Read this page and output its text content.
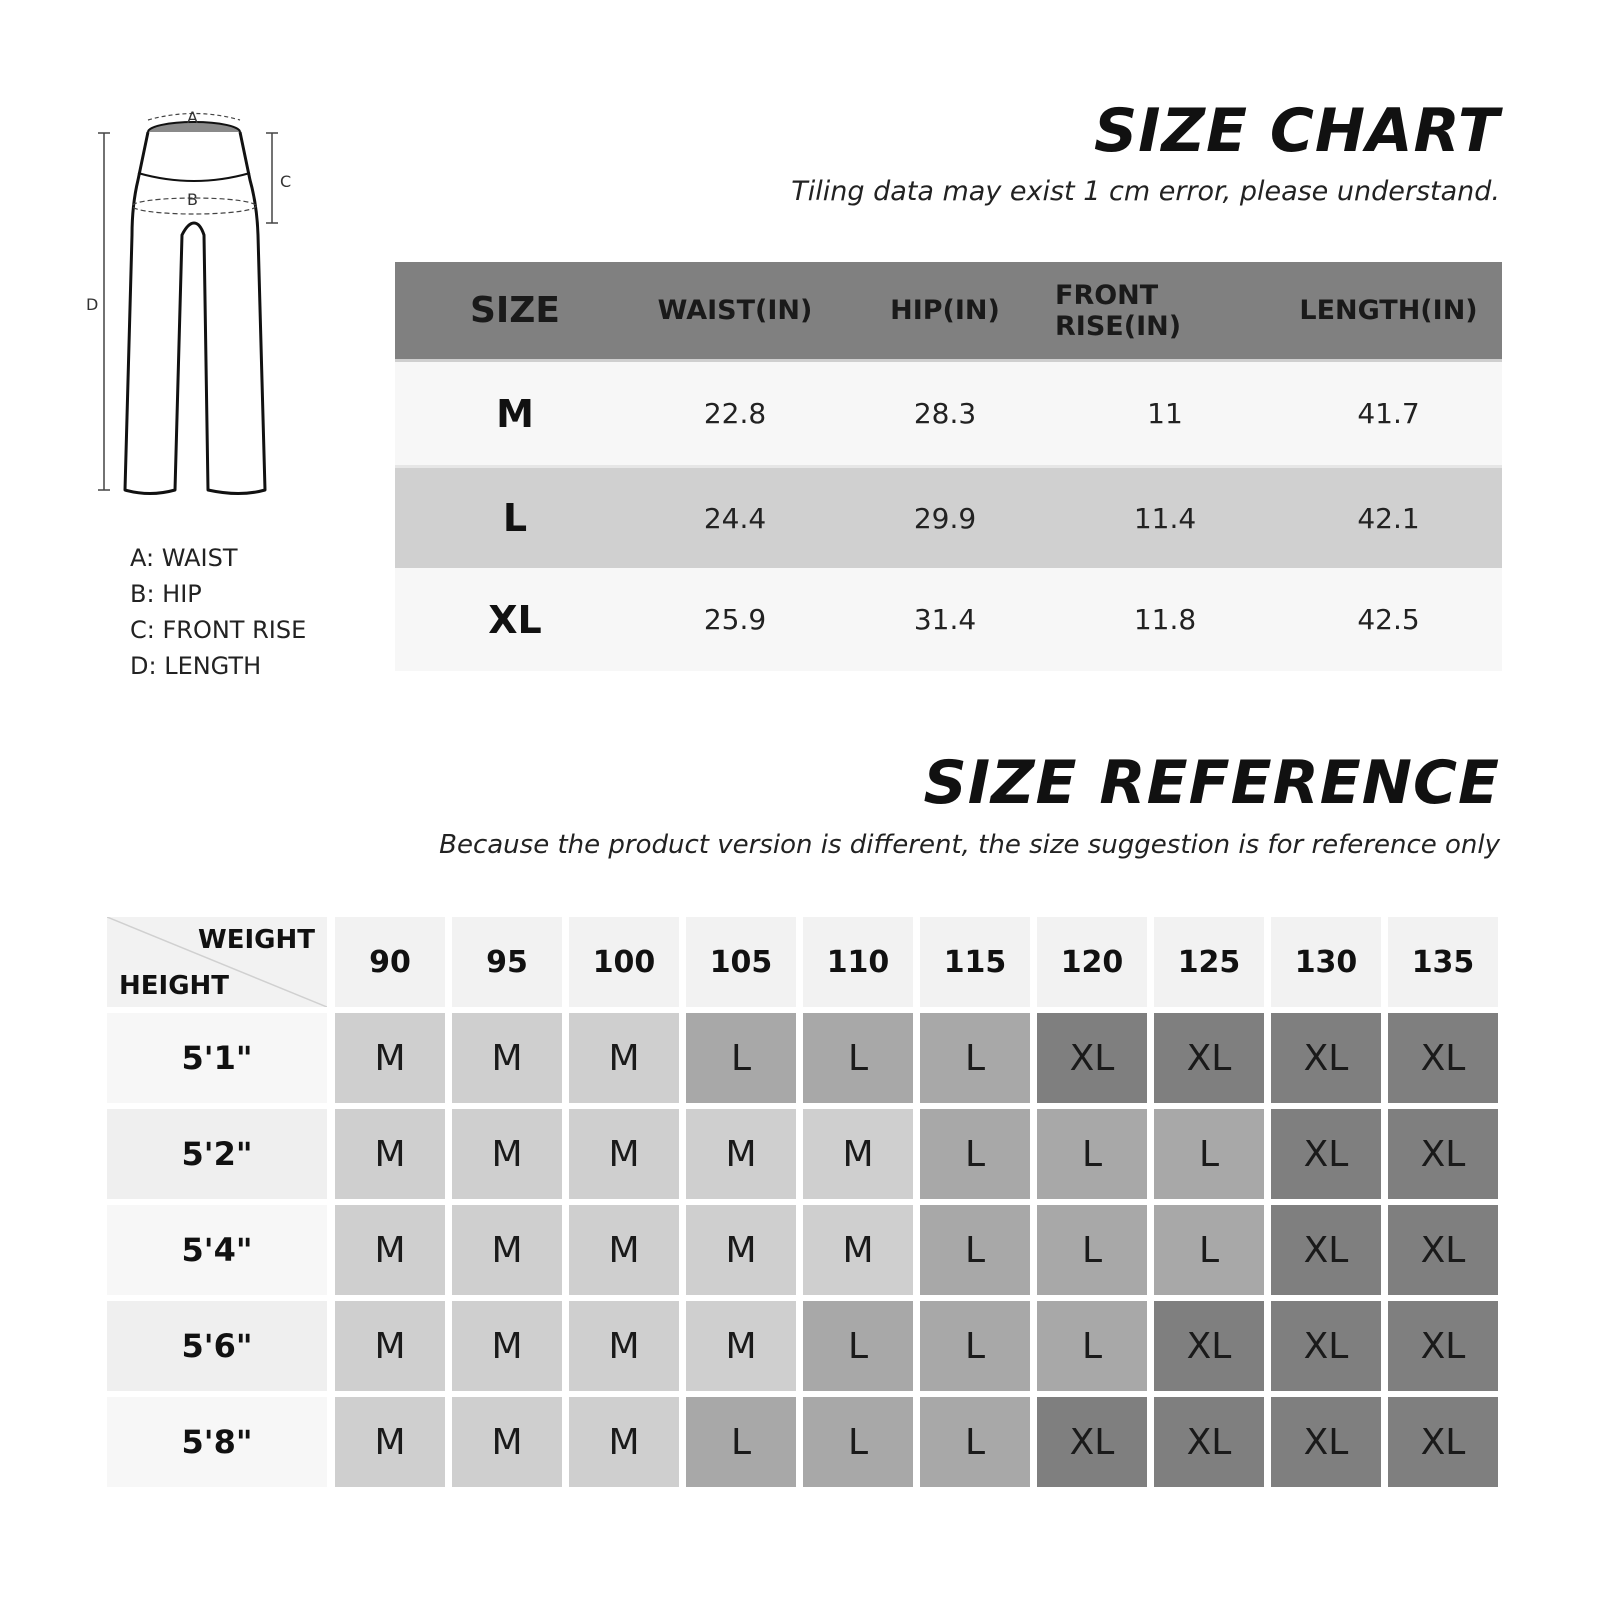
D
C
A
B
A: WAIST
B: HIP
C: FRONT RISE
D: LENGTH
SIZE CHART
Tiling data may exist 1 cm error, please understand.
SIZE	WAIST(IN)	HIP(IN)	FRONT RISE(IN)	LENGTH(IN)
M	22.8	28.3	11	41.7
L	24.4	29.9	11.4	42.1
XL	25.9	31.4	11.8	42.5
SIZE REFERENCE
Because the product version is different, the size suggestion is for reference only
WEIGHT
HEIGHT
90	95	100	105	110	115	120	125	130	135
5'1"	M	M	M	L	L	L	XL	XL	XL	XL
5'2"	M	M	M	M	M	L	L	L	XL	XL
5'4"	M	M	M	M	M	L	L	L	XL	XL
5'6"	M	M	M	M	L	L	L	XL	XL	XL
5'8"	M	M	M	L	L	L	XL	XL	XL	XL
